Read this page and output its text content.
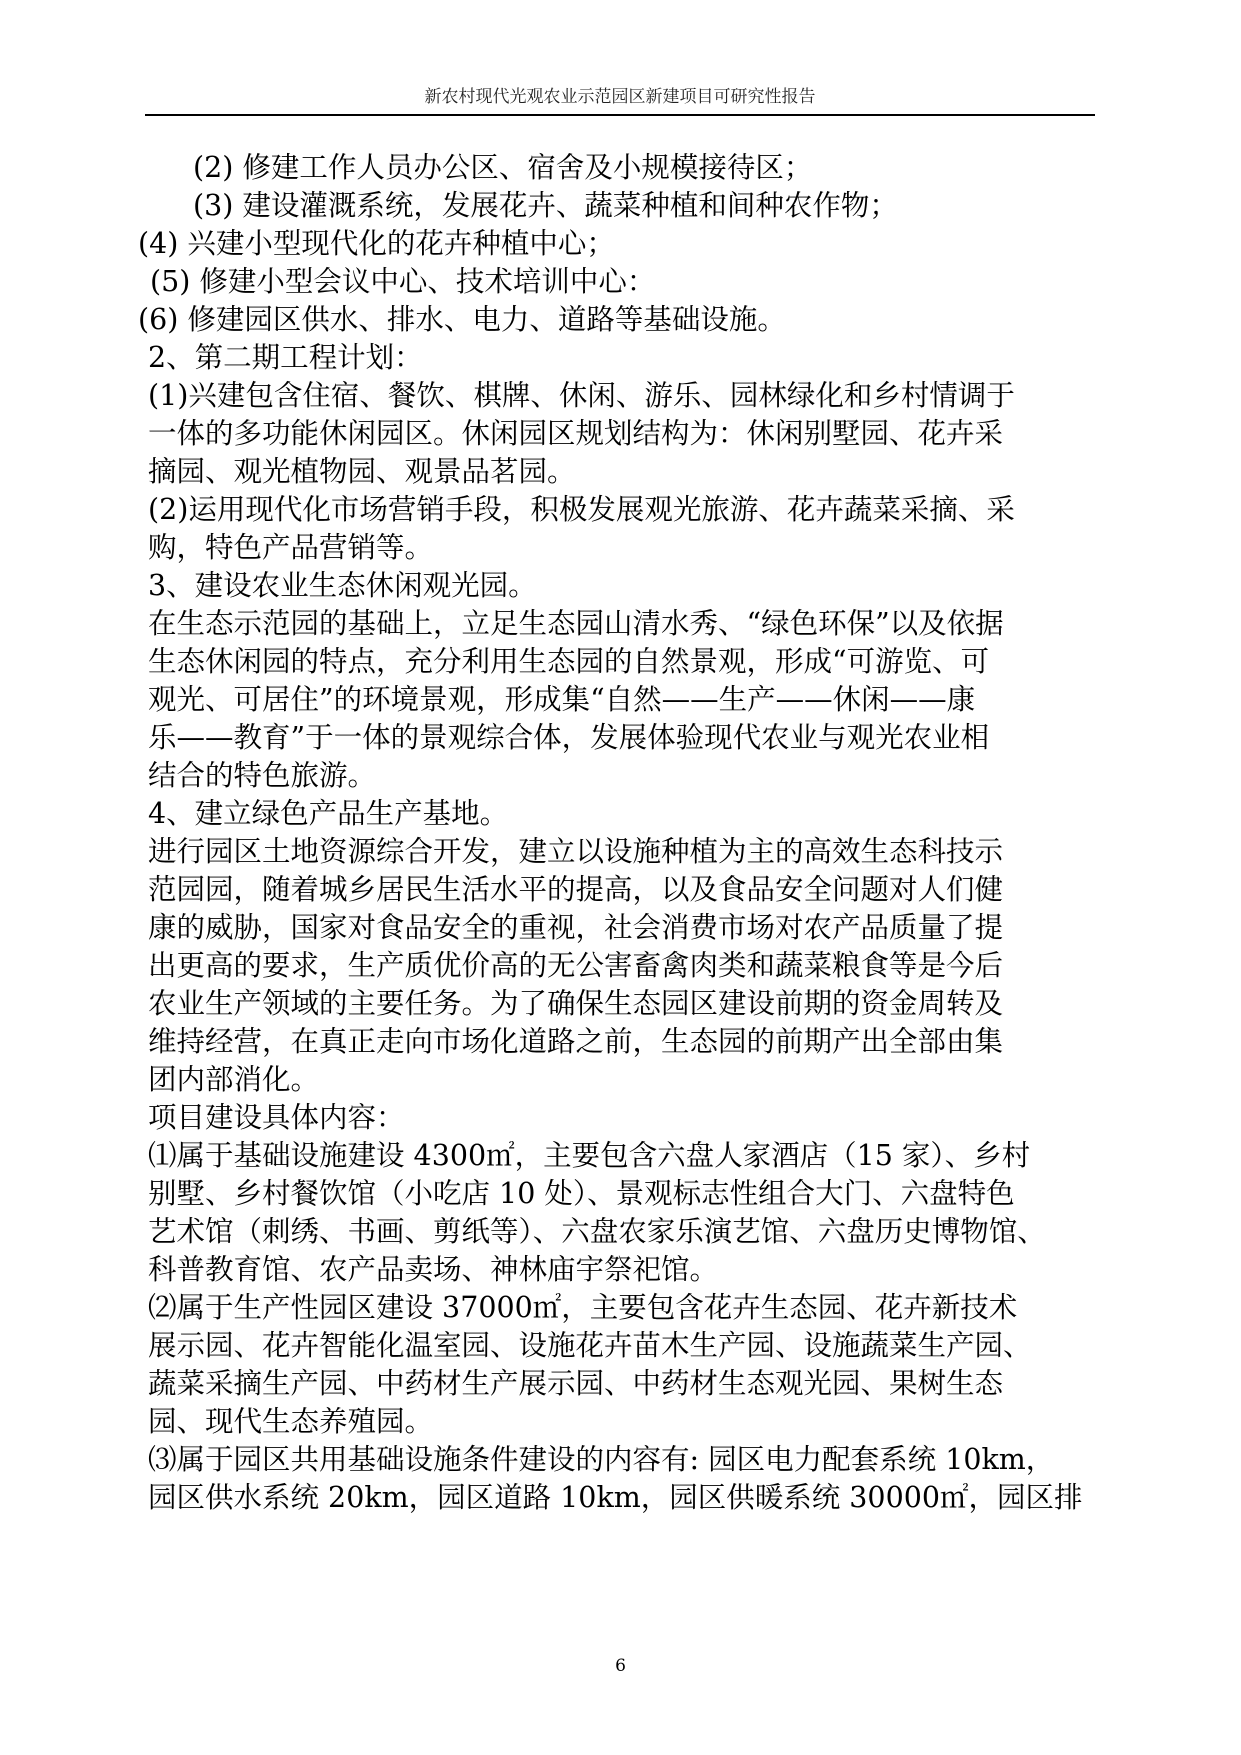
新农村现代光观农业示范园区新建项目可研究性报告
(2) 修建工作人员办公区、宿舍及小规模接待区；
(3) 建设灌溉系统，发展花卉、蔬菜种植和间种农作物；
(4) 兴建小型现代化的花卉种植中心；
(5) 修建小型会议中心、技术培训中心：
(6) 修建园区供水、排水、电力、道路等基础设施。
2、第二期工程计划：
(1)兴建包含住宿、餐饮、棋牌、休闲、游乐、园林绿化和乡村情调于
一体的多功能休闲园区。休闲园区规划结构为：休闲别墅园、花卉采
摘园、观光植物园、观景品茗园。
(2)运用现代化市场营销手段，积极发展观光旅游、花卉蔬菜采摘、采
购，特色产品营销等。
3、建设农业生态休闲观光园。
在生态示范园的基础上，立足生态园山清水秀、“绿色环保”以及依据
生态休闲园的特点，充分利用生态园的自然景观，形成“可游览、可
观光、可居住”的环境景观，形成集“自然——生产——休闲——康
乐——教育”于一体的景观综合体，发展体验现代农业与观光农业相
结合的特色旅游。
4、建立绿色产品生产基地。
进行园区土地资源综合开发，建立以设施种植为主的高效生态科技示
范园园，随着城乡居民生活水平的提高，以及食品安全问题对人们健
康的威胁，国家对食品安全的重视，社会消费市场对农产品质量了提
出更高的要求，生产质优价高的无公害畜禽肉类和蔬菜粮食等是今后
农业生产领域的主要任务。为了确保生态园区建设前期的资金周转及
维持经营，在真正走向市场化道路之前，生态园的前期产出全部由集
团内部消化。
项目建设具体内容：
⑴属于基础设施建设 4300㎡，主要包含六盘人家酒店（15 家）、乡村
别墅、乡村餐饮馆（小吃店 10 处）、景观标志性组合大门、六盘特色
艺术馆（刺绣、书画、剪纸等）、六盘农家乐演艺馆、六盘历史博物馆、
科普教育馆、农产品卖场、神林庙宇祭祀馆。
⑵属于生产性园区建设 37000㎡，主要包含花卉生态园、花卉新技术
展示园、花卉智能化温室园、设施花卉苗木生产园、设施蔬菜生产园、
蔬菜采摘生产园、中药材生产展示园、中药材生态观光园、果树生态
园、现代生态养殖园。
⑶属于园区共用基础设施条件建设的内容有: 园区电力配套系统 10km，
园区供水系统 20km，园区道路 10km，园区供暖系统 30000㎡，园区排
6
